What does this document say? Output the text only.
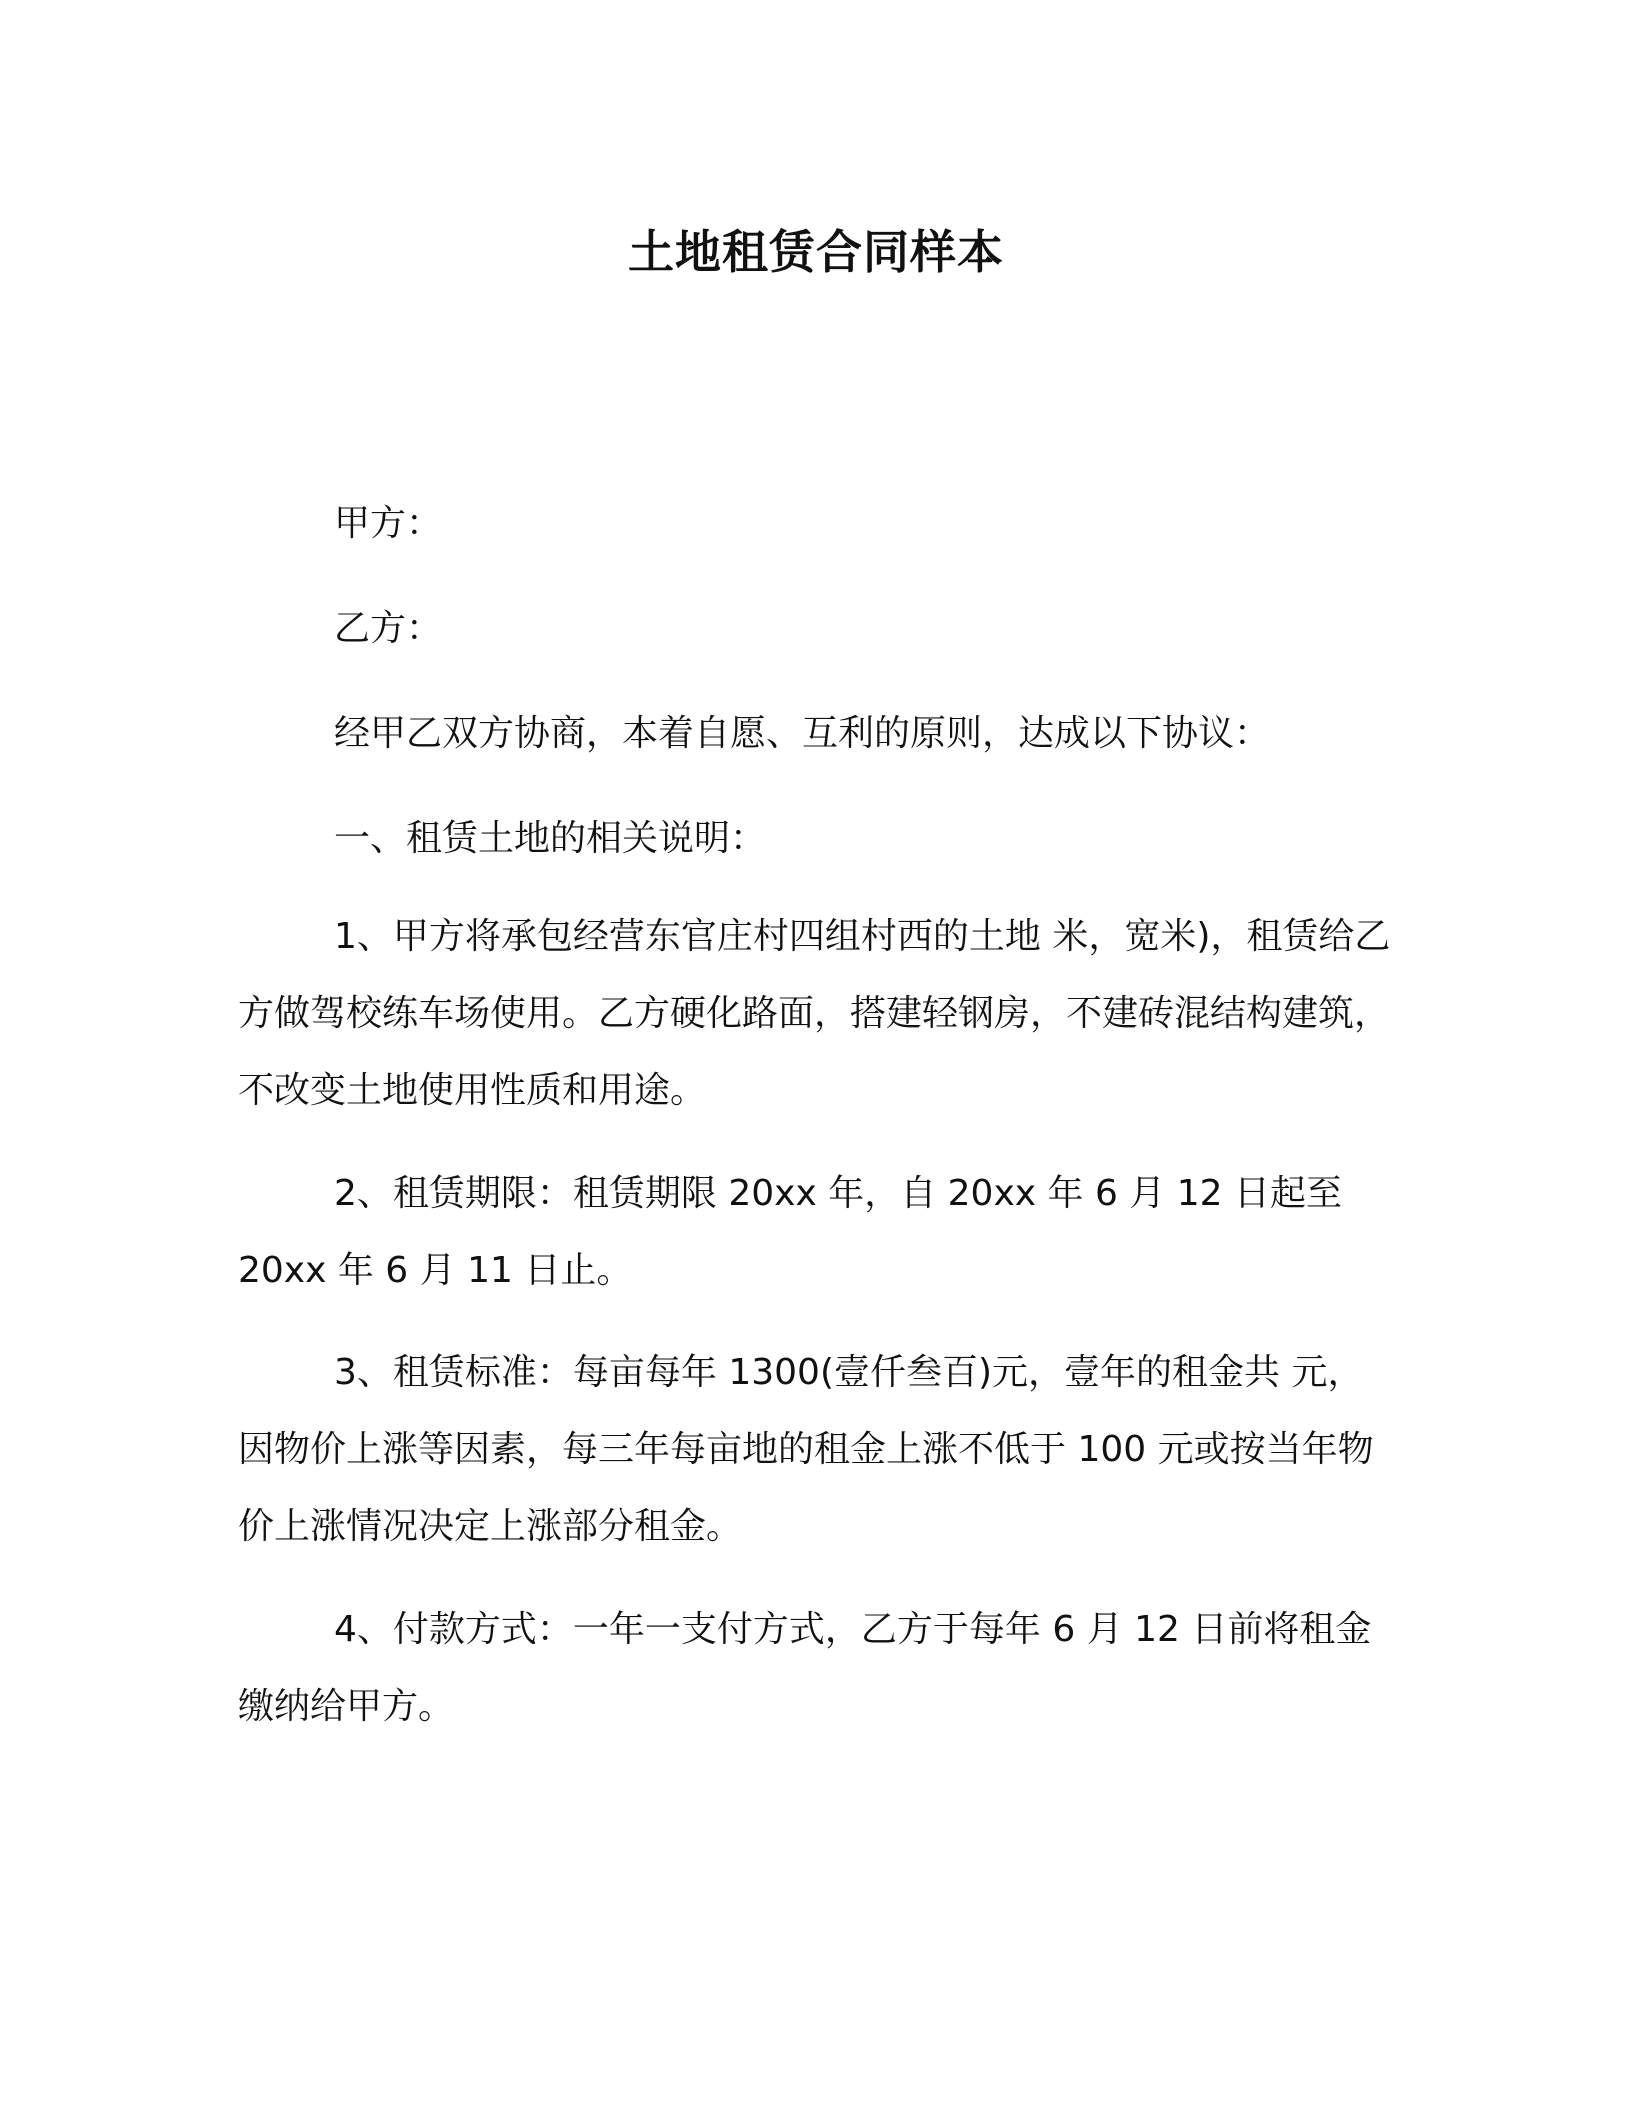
土地租赁合同样本

甲方：

乙方：

经甲乙双方协商，本着自愿、互利的原则，达成以下协议：

一、租赁土地的相关说明：

1、甲方将承包经营东官庄村四组村西的土地 米，宽米)，租赁给乙方做驾校练车场使用。乙方硬化路面，搭建轻钢房，不建砖混结构建筑，不改变土地使用性质和用途。

2、租赁期限：租赁期限 20xx 年，自 20xx 年 6 月 12 日起至 20xx 年 6 月 11 日止。

3、租赁标准：每亩每年 1300(壹仟叁百)元，壹年的租金共 元，因物价上涨等因素，每三年每亩地的租金上涨不低于 100 元或按当年物价上涨情况决定上涨部分租金。

4、付款方式：一年一支付方式，乙方于每年 6 月 12 日前将租金缴纳给甲方。
